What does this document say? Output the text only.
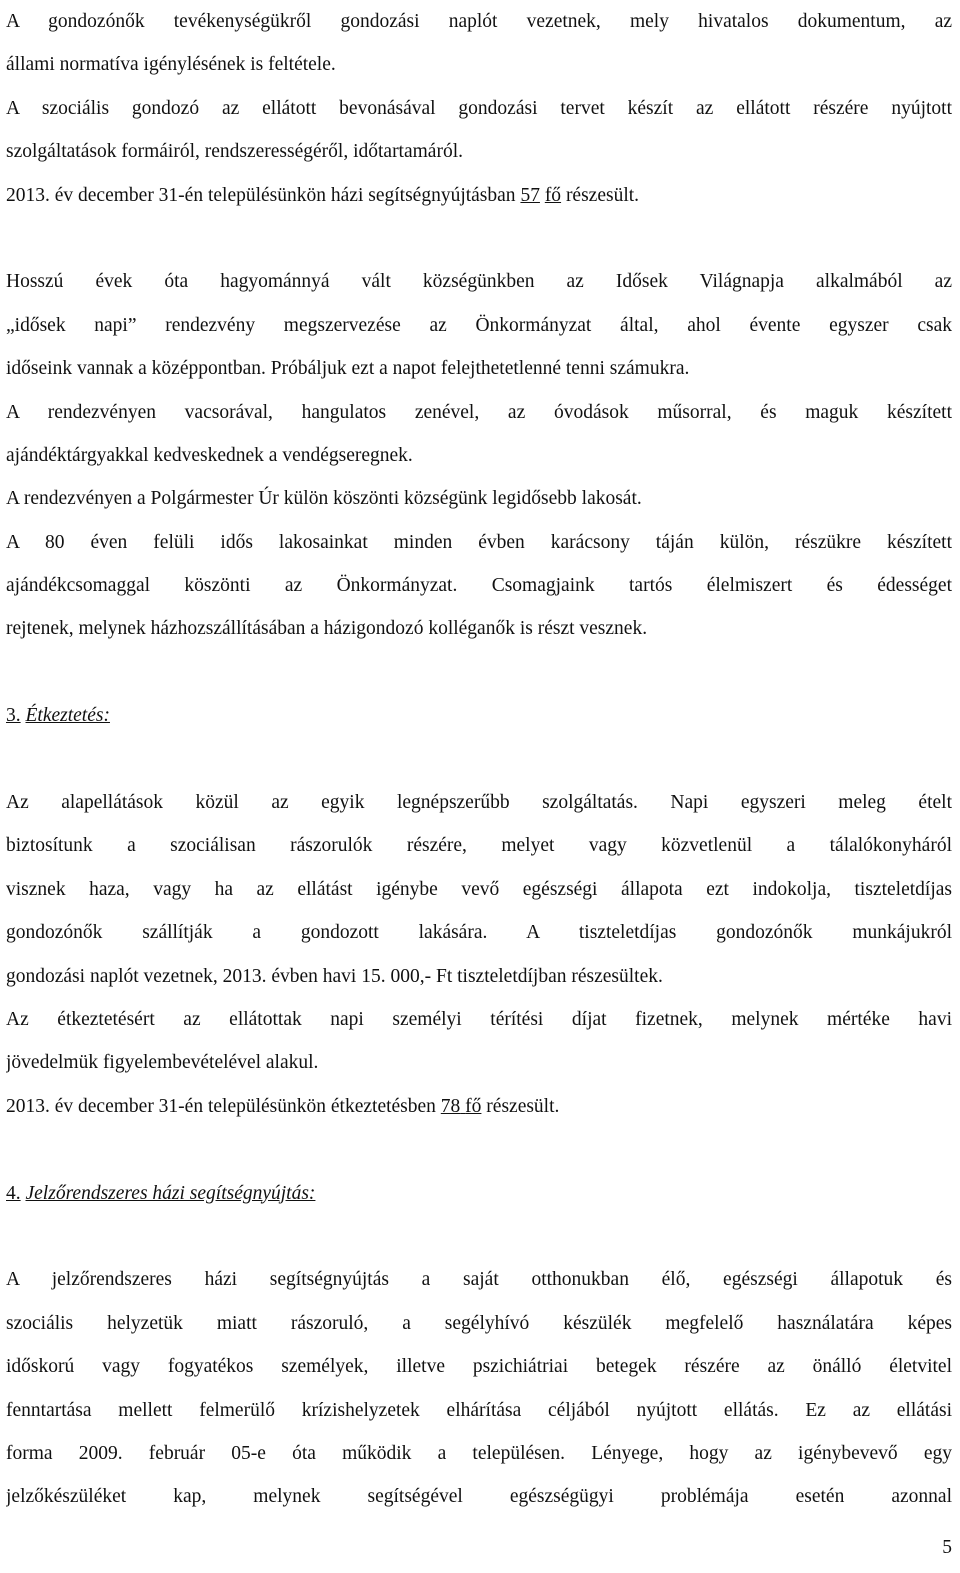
A gondozónők tevékenységükről gondozási naplót vezetnek, mely hivatalos dokumentum, az
állami normatíva igénylésének is feltétele.
A szociális gondozó az ellátott bevonásával gondozási tervet készít az ellátott részére nyújtott
szolgáltatások formáiról, rendszerességéről, időtartamáról.
2013. év december 31-én településünkön házi segítségnyújtásban 57 fő részesült.
Hosszú évek óta hagyománnyá vált községünkben az Idősek Világnapja alkalmából az
„idősek napi” rendezvény megszervezése az Önkormányzat által, ahol évente egyszer csak
időseink vannak a középpontban. Próbáljuk ezt a napot felejthetetlenné tenni számukra.
A rendezvényen vacsorával, hangulatos zenével, az óvodások műsorral, és maguk készített
ajándéktárgyakkal kedveskednek a vendégseregnek.
A rendezvényen a Polgármester Úr külön köszönti községünk legidősebb lakosát.
A 80 éven felüli idős lakosainkat minden évben karácsony táján külön, részükre készített
ajándékcsomaggal köszönti az Önkormányzat. Csomagjaink tartós élelmiszert és édességet
rejtenek, melynek házhozszállításában a házigondozó kolléganők is részt vesznek.
3. Étkeztetés:
Az alapellátások közül az egyik legnépszerűbb szolgáltatás. Napi egyszeri meleg ételt
biztosítunk a szociálisan rászorulók részére, melyet vagy közvetlenül a tálalókonyháról
visznek haza, vagy ha az ellátást igénybe vevő egészségi állapota ezt indokolja, tiszteletdíjas
gondozónők szállítják a gondozott lakására. A tiszteletdíjas gondozónők munkájukról
gondozási naplót vezetnek, 2013. évben havi 15. 000,- Ft tiszteletdíjban részesültek.
Az étkeztetésért az ellátottak napi személyi térítési díjat fizetnek, melynek mértéke havi
jövedelmük figyelembevételével alakul.
2013. év december 31-én településünkön étkeztetésben 78 fő részesült.
4. Jelzőrendszeres házi segítségnyújtás:
A jelzőrendszeres házi segítségnyújtás a saját otthonukban élő, egészségi állapotuk és
szociális helyzetük miatt rászoruló, a segélyhívó készülék megfelelő használatára képes
időskorú vagy fogyatékos személyek, illetve pszichiátriai betegek részére az önálló életvitel
fenntartása mellett felmerülő krízishelyzetek elhárítása céljából nyújtott ellátás. Ez az ellátási
forma 2009. február 05-e óta működik a településen. Lényege, hogy az igénybevevő egy
jelzőkészüléket kap, melynek segítségével egészségügyi problémája esetén azonnal
5
